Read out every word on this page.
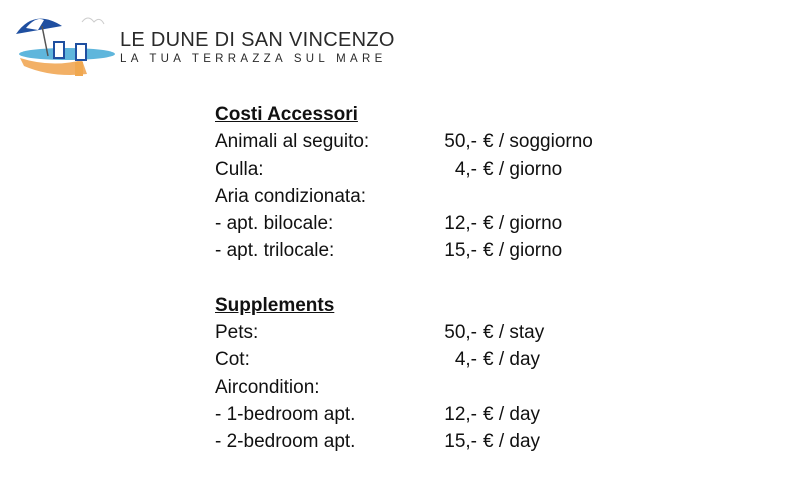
LE DUNE DI SAN VINCENZO
LA TUA TERRAZZA SUL MARE
Costi Accessori
Animali al seguito:	50,- € / soggiorno
Culla:	4,- € / giorno
Aria condizionata:
- apt. bilocale:	12,- € / giorno
- apt. trilocale:	15,- € / giorno
Supplements
Pets:	50,- € / stay
Cot:	4,- € / day
Aircondition:
- 1-bedroom apt.	12,- € / day
- 2-bedroom apt.	15,- € / day
